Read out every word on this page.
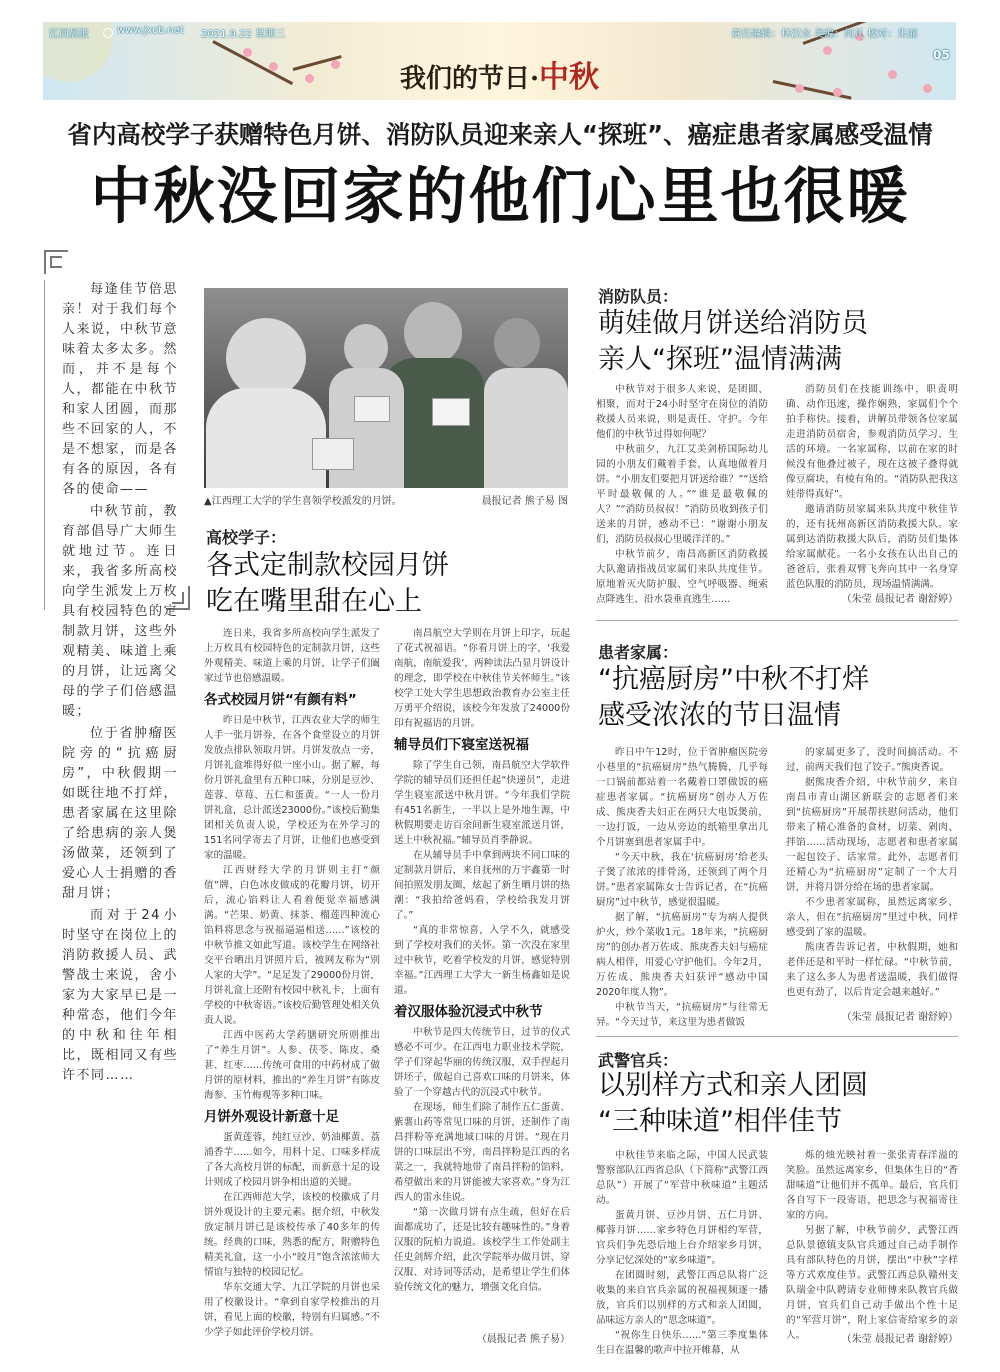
江西晨报	www.jxcb.net 2021.9.22 星期三	责任编辑：林汉水 美编：何凡 校对：朱丽
05
我们的节日·中秋
省内高校学子获赠特色月饼、消防队员迎来亲人“探班”、癌症患者家属感受温情
中秋没回家的他们心里也很暖

每逢佳节倍思亲！对于我们每个人来说，中秋节意味着太多太多。然而，并不是每个人，都能在中秋节和家人团圆，而那些不回家的人，不是不想家，而是各有各的原因，各有各的使命——

中秋节前，教育部倡导广大师生就地过节。连日来，我省多所高校向学生派发上万枚具有校园特色的定制款月饼，这些外观精美、味道上乘的月饼，让远离父母的学子们倍感温暖；

位于省肿瘤医院旁的“抗癌厨房”，中秋假期一如既往地不打烊，患者家属在这里除了给患病的亲人煲汤做菜，还领到了爱心人士捐赠的香甜月饼；

而对于24小时坚守在岗位上的消防救援人员、武警战士来说，舍小家为大家早已是一种常态，他们今年的中秋和往年相比，既相同又有些许不同……

▲江西理工大学的学生喜领学校派发的月饼。	晨报记者 熊子易 图
高校学子：
各式定制款校园月饼
吃在嘴里甜在心上

连日来，我省多所高校向学生派发了上万枚具有校园特色的定制款月饼，这些外观精美、味道上乘的月饼，让学子们阖家过节也倍感温暖。

各式校园月饼“有颜有料”

昨日是中秋节，江西农业大学的师生人手一张月饼券，在各个食堂设立的月饼发放点排队领取月饼。月饼发放点一旁，月饼礼盒堆得好似一座小山。据了解，每份月饼礼盒里有五种口味，分别是豆沙、莲蓉、草莓、五仁和蛋黄。“一人一份月饼礼盒，总计派送23000份。”该校后勤集团相关负责人说，学校还为在外学习的151名同学寄去了月饼，让他们也感受到家的温暖。

江西财经大学的月饼则主打“颜值”牌，白色冰皮做成的花瓣月饼，切开后，流心馅料让人看着便觉幸福感满满。“芒果、奶黄、抹茶、榴莲四种流心馅料将思念与祝福逼逼相送……”该校的中秋节推文如此写道。该校学生在网络社交平台晒出月饼照片后，被网友称为“别人家的大学”。“足足发了29000份月饼，月饼礼盒上还附有校园中秋礼卡，上面有学校的中秋寄语。”该校后勤管理处相关负责人说。

江西中医药大学药膳研究所则推出了“养生月饼”。人参、茯苓、陈皮、桑葚、红枣……传统可食用的中药材成了做月饼的原材料，推出的“养生月饼”有陈皮海参、玉竹梅观等多种口味。

月饼外观设计新意十足

蛋黄莲蓉，纯红豆沙、奶油椰黄、荔浦香芋……如今，用料十足、口味多样成了各大高校月饼的标配，而新意十足的设计则成了校园月饼争相出道的关键。

在江西师范大学，该校的校徽成了月饼外观设计的主要元素。据介绍，中秋发放定制月饼已是该校传承了40多年的传统。经典的口味，熟悉的配方，附赠特色精美礼盒，这一小小“皎月”饱含浓浓师大情谊与独特的校园记忆。

华东交通大学、九江学院的月饼也采用了校徽设计。“拿到自家学校推出的月饼，看见上面的校徽，特别有归属感。”不少学子如此评价学校月饼。

南昌航空大学则在月饼上印字，玩起了花式祝福语。“你看月饼上的字，‘我爱南航，南航爱我’，两种读法凸显月饼设计的理念，即学校在中秋佳节关怀师生。”该校学工处大学生思想政治教育办公室主任万勇平介绍说，该校今年发放了24000份印有祝福语的月饼。

辅导员们下寝室送祝福

除了学生自己领，南昌航空大学软件学院的辅导员们还担任起“快递员”，走进学生寝室派送中秋月饼。“今年我们学院有451名新生，一半以上是外地生源，中秋假期要走访百余间新生寝室派送月饼，送上中秋祝福。”辅导员肖季静说。

在从辅导员手中拿到两块不同口味的定制款月饼后，来自抚州的万宇鑫第一时间拍照发朋友圈，炫起了新生晒月饼的热潮：“我拍给爸妈看，学校给我发月饼了。”

“真的非常惊喜，入学不久，就感受到了学校对我们的关怀。第一次没在家里过中秋节，吃着学校发的月饼，感觉特别幸福。”江西理工大学大一新生杨鑫如是说道。

着汉服体验沉浸式中秋节

中秋节是四大传统节日，过节的仪式感必不可少。在江西电力职业技术学院，学子们穿起华丽的传统汉服，双手捏起月饼坯子，做起自己喜欢口味的月饼来，体验了一个穿越古代的沉浸式中秋节。

在现场，师生们除了制作五仁蛋黄、紫薯山药等常见口味的月饼，还制作了南昌拌粉等充满地域口味的月饼。“现在月饼的口味层出不穷，南昌拌粉是江西的名菜之一，我就特地带了南昌拌粉的馅料，希望做出来的月饼能被大家喜欢。”身为江西人的雷永佳说。

“第一次做月饼有点生疏，但好在后面都成功了，还是比较有趣味性的。”身着汉服的阮柏力说道。该校学生工作处副主任史剑辉介绍，此次学院举办做月饼、穿汉服、对诗词等活动，是希望让学生们体验传统文化的魅力，增强文化自信。

（晨报记者 熊子易）

消防队员：
萌娃做月饼送给消防员
亲人“探班”温情满满

中秋节对于很多人来说，是团圆、相聚，而对于24小时坚守在岗位的消防救援人员来说，则是责任、守护。今年他们的中秋节过得如何呢？

中秋前夕，九江艾美剑桥国际幼儿园的小朋友们戴着手套，认真地做着月饼。“小朋友们要把月饼送给谁？”“送给平时最敬佩的人。”“谁是最敬佩的人？”“消防员叔叔！”消防员收到孩子们送来的月饼，感动不已：“谢谢小朋友们，消防员叔叔心里暖洋洋的。”

中秋节前夕，南昌高新区消防救援大队邀请指战员家属们来队共度佳节。原地着灭火防护服、空气呼吸器、绳索点降逃生、沿水袋垂直逃生……

消防员们在技能训练中，职责明确、动作迅速，操作娴熟，家属们个个拍手称快。接着，讲解员带领各位家属走进消防员宿舍，参观消防员学习、生活的环境。一名家属称，以前在家的时候没有他叠过被子，现在这被子叠得就像豆腐块，有棱有角的。“消防队把我这娃带得真好”。

邀请消防员家属来队共度中秋佳节的，还有抚州高新区消防救援大队。家属到达消防救援大队后，消防员们集体给家属献花。一名小女孩在认出自己的爸爸后，张着双臂飞奔向其中一名身穿蓝色队服的消防员，现场温情满满。

（朱莹 晨报记者 谢舒婷）

患者家属：
“抗癌厨房”中秋不打烊
感受浓浓的节日温情

昨日中午12时，位于省肿瘤医院旁小巷里的“抗癌厨房”热气腾腾，几乎每一口锅前都站着一名戴着口罩做饭的癌症患者家属。“抗癌厨房”创办人万佐成、熊庚香夫妇正在两只大电饭煲前，一边打饭，一边从旁边的纸箱里拿出几个月饼塞到患者家属手中。

“今天中秋，我在‘抗癌厨房’给老头子煲了浓浓的排骨汤，还领到了两个月饼。”患者家属陈女士告诉记者，在“抗癌厨房”过中秋节，感觉很温暖。

据了解，“抗癌厨房”专为病人提供炉火，炒个菜收1元。18年来，“抗癌厨房”的创办者万佐成、熊庚香夫妇与癌症病人相伴，用爱心守护他们。今年2月，万佐成、熊庚香夫妇获评“感动中国2020年度人物”。

中秋节当天，“抗癌厨房”与往常无异。“今天过节，来这里为患者做饭

的家属更多了，没时间搞活动。不过，前两天我们包了饺子。”熊庚香说。

据熊庚香介绍，中秋节前夕，来自南昌市青山湖区新联会的志愿者们来到“抗癌厨房”开展帮扶慰问活动，他们带来了精心准备的食材，切菜、剁肉、拌馅……活动现场，志愿者和患者家属一起包饺子、话家常。此外，志愿者们还精心为“抗癌厨房”定制了一个大月饼，并将月饼分给在场的患者家属。

不少患者家属称，虽然远离家乡、亲人，但在“抗癌厨房”里过中秋，同样感受到了家的温暖。

熊庚香告诉记者，中秋假期，她和老伴还是和平时一样忙碌。“中秋节前，来了这么多人为患者送温暖，我们做得也更有劲了，以后肯定会越来越好。”

（朱莹 晨报记者 谢舒婷）

武警官兵：
以别样方式和亲人团圆
“三种味道”相伴佳节

中秋佳节来临之际，中国人民武装警察部队江西省总队（下简称“武警江西总队”）开展了“军营中秋味道”主题活动。

蛋黄月饼、豆沙月饼、五仁月饼、椰蓉月饼……家乡特色月饼相约军营，官兵们争先恐后地上台介绍家乡月饼，分享记忆深处的“家乡味道”。

在团圆时刻，武警江西总队将广泛收集的来自官兵亲属的祝福视频逐一播放，官兵们以别样的方式和亲人团圆，品味远方亲人的“思念味道”。

“祝你生日快乐……”第三季度集体生日在温馨的歌声中拉开帷幕，从

烁的烛光映衬着一张张青春洋溢的笑脸。虽然远离家乡，但集体生日的“香甜味道”让他们并不孤单。最后，官兵们各自写下一段寄语，把思念与祝福寄往家的方向。

另据了解，中秋节前夕，武警江西总队景德镇支队官兵通过自己动手制作具有部队特色的月饼，摆出“中秋”字样等方式欢度佳节。武警江西总队赣州支队瑞金中队聘请专业师傅来队教官兵做月饼，官兵们自己动手做出个性十足的“军营月饼”，附上家信寄给家乡的亲人。	（朱莹 晨报记者 谢舒婷）
